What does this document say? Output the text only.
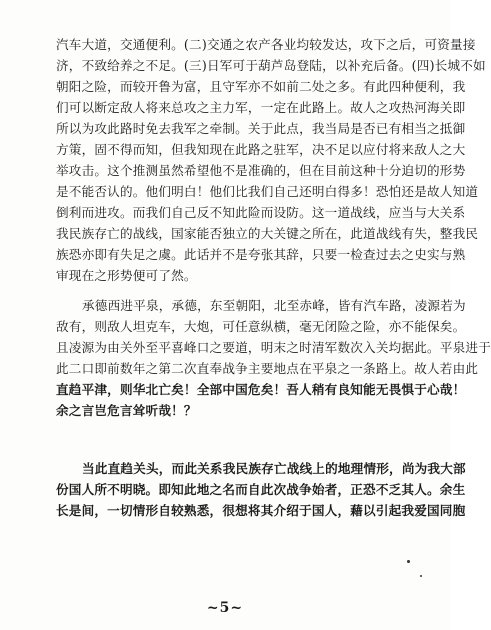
汽车大道，交通便利。(二)交通之农产各业均较发达，攻下之后，可资量接
济，不致给养之不足。(三)日军可于葫芦岛登陆，以补充后备。(四)长城不如
朝阳之险，而较开鲁为富，且守军亦不如前二处之多。有此四种便利，我
们可以断定敌人将来总攻之主力军，一定在此路上。故人之攻热河海关即
所以为攻此路时免去我军之牵制。关于此点，我当局是否已有相当之抵御
方策，固不得而知，但我知现在此路之驻军，决不足以应付将来敌人之大
举攻击。这个推测虽然希望他不是准确的，但在目前这种十分迫切的形势
是不能否认的。他们明白！他们比我们自己还明白得多！恐怕还是故人知道
倒利而进攻。而我们自己反不知此险而设防。这一道战线，应当与大关系
我民族存亡的战线，国家能否独立的大关键之所在，此道战线有失，整我民
族恐亦即有失足之虞。此话并不是夸张其辞，只要一检查过去之史实与熟
审现在之形势便可了然。
承德西进平泉，承德，东至朝阳，北至赤峰，皆有汽车路，凌源若为
敌有，则敌人坦克车，大炮，可任意纵横，毫无闭险之险，亦不能保矣。
且凌源为由关外至平喜峰口之要道，明末之时清军数次入关均据此。平泉进于
此二口即前数年之第二次直奉战争主要地点在平泉之一条路上。故人若由此
直趋平津，则华北亡矣！全部中国危矣！吾人稍有良知能无畏惧于心哉！
余之言岂危言耸听哉！？
当此直趋关头，而此关系我民族存亡战线上的地理情形，尚为我大部
份国人所不明晓。即知此地之名而自此次战争始者，正恐不乏其人。余生
长是间，一切情形自较熟悉，很想将其介绍于国人，藉以引起我爱国同胞
~5~
